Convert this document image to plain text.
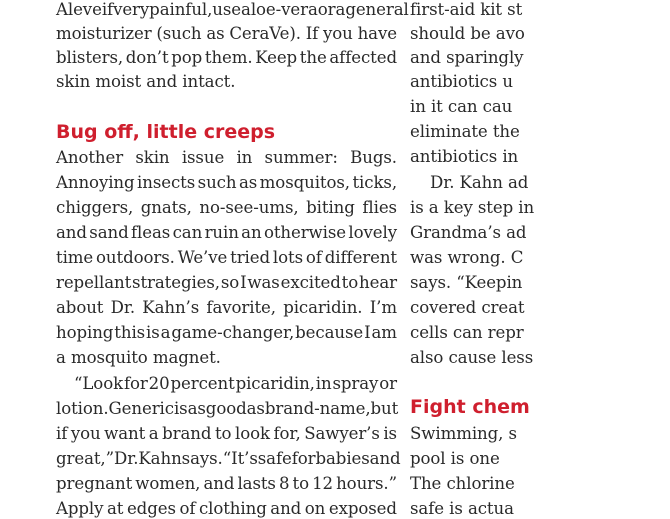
Aleve if very painful, use aloe-vera or a general
moisturizer (such as CeraVe). If you have
blisters, don’t pop them. Keep the affected
skin moist and intact.
Bug off, little creeps
Another skin issue in summer: Bugs.
Annoying insects such as mosquitos, ticks,
chiggers, gnats, no-see-ums, biting flies
and sand fleas can ruin an otherwise lovely
time outdoors. We’ve tried lots of different
repellant strategies, so I was excited to hear
about Dr. Kahn’s favorite, picaridin. I’m
hoping this is a game-changer, because I am
a mosquito magnet.
“Look for 20 percent picaridin, in spray or
lotion. Generic is as good as brand-name, but
if you want a brand to look for, Sawyer’s is
great,” Dr. Kahn says. “It’s safe for babies and
pregnant women, and lasts 8 to 12 hours.”
Apply at edges of clothing and on exposed
first-aid kit st
should be avo
and sparingly
antibiotics u
in it can cau
eliminate the
antibiotics in
Dr. Kahn ad
is a key step in
Grandma’s ad
was wrong. C
says. “Keepin
covered creat
cells can repr
also cause less
Fight chem
Swimming, s
pool is one
The chlorine
safe is actua
